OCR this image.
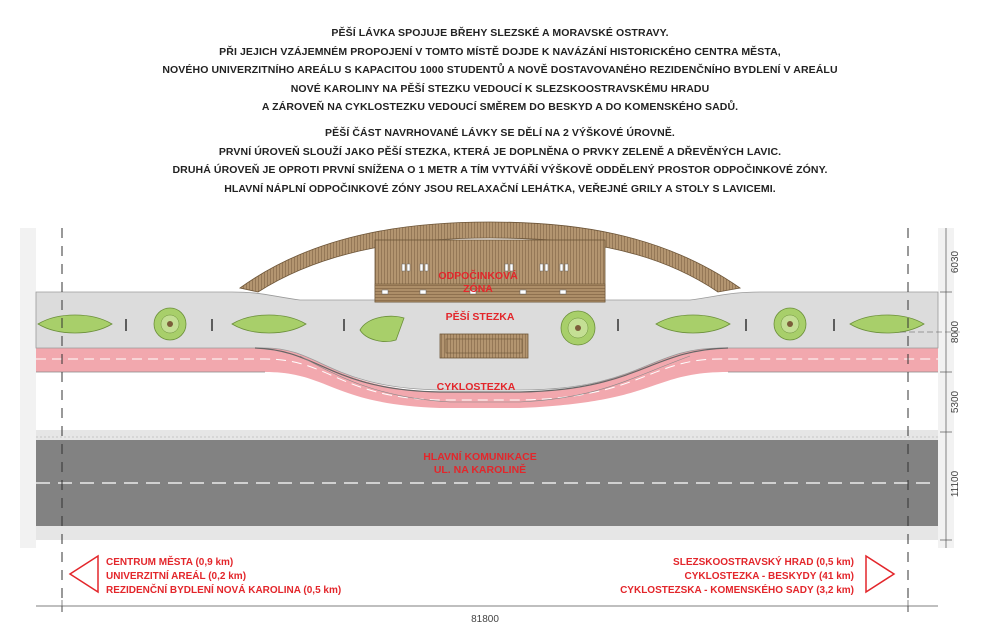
PĚŠÍ LÁVKA SPOJUJE BŘEHY SLEZSKÉ A MORAVSKÉ OSTRAVY.

PŘI JEJICH VZÁJEMNÉM PROPOJENÍ V TOMTO MÍSTĚ DOJDE K NAVÁZÁNÍ HISTORICKÉHO CENTRA MĚSTA,

NOVÉHO UNIVERZITNÍHO AREÁLU S KAPACITOU 1000 STUDENTŮ A NOVĚ DOSTAVOVANÉHO REZIDENČNÍHO BYDLENÍ V AREÁLU

NOVÉ KAROLINY NA PĚŠÍ STEZKU VEDOUCÍ K SLEZSKOOSTRAVSKÉMU HRADU

A ZÁROVEŇ NA CYKLOSTEZKU VEDOUCÍ SMĚREM DO BESKYD A DO KOMENSKÉHO SADŮ.

PĚŠÍ ČÁST NAVRHOVANÉ LÁVKY SE DĚLÍ NA 2 VÝŠKOVÉ ÚROVNĚ.

PRVNÍ ÚROVEŇ SLOUŽÍ JAKO PĚŠÍ STEZKA, KTERÁ JE DOPLNĚNA O PRVKY ZELENĚ A DŘEVĚNÝCH LAVIC.

DRUHÁ ÚROVEŇ JE OPROTI PRVNÍ SNÍŽENA O 1 METR A TÍM VYTVÁŘÍ VÝŠKOVĚ ODDĚLENÝ PROSTOR ODPOČINKOVÉ ZÓNY.

HLAVNÍ NÁPLNÍ ODPOČINKOVÉ ZÓNY JSOU RELAXAČNÍ LEHÁTKA, VEŘEJNÉ GRILY A STOLY S LAVICEMI.

6030
8000
5300
11100
81800
ODPOČINKOVÁ
ZÓNA
PĚŠÍ STEZKA
CYKLOSTEZKA
HLAVNÍ KOMUNIKACE
UL. NA KAROLINĚ
CENTRUM MĚSTA (0,9 km)
UNIVERZITNÍ AREÁL (0,2 km)
REZIDENČNÍ BYDLENÍ NOVÁ KAROLINA (0,5 km)
SLEZSKOOSTRAVSKÝ HRAD (0,5 km)
CYKLOSTEZKA - BESKYDY (41 km)
CYKLOSTEZSKA - KOMENSKÉHO SADY (3,2 km)
